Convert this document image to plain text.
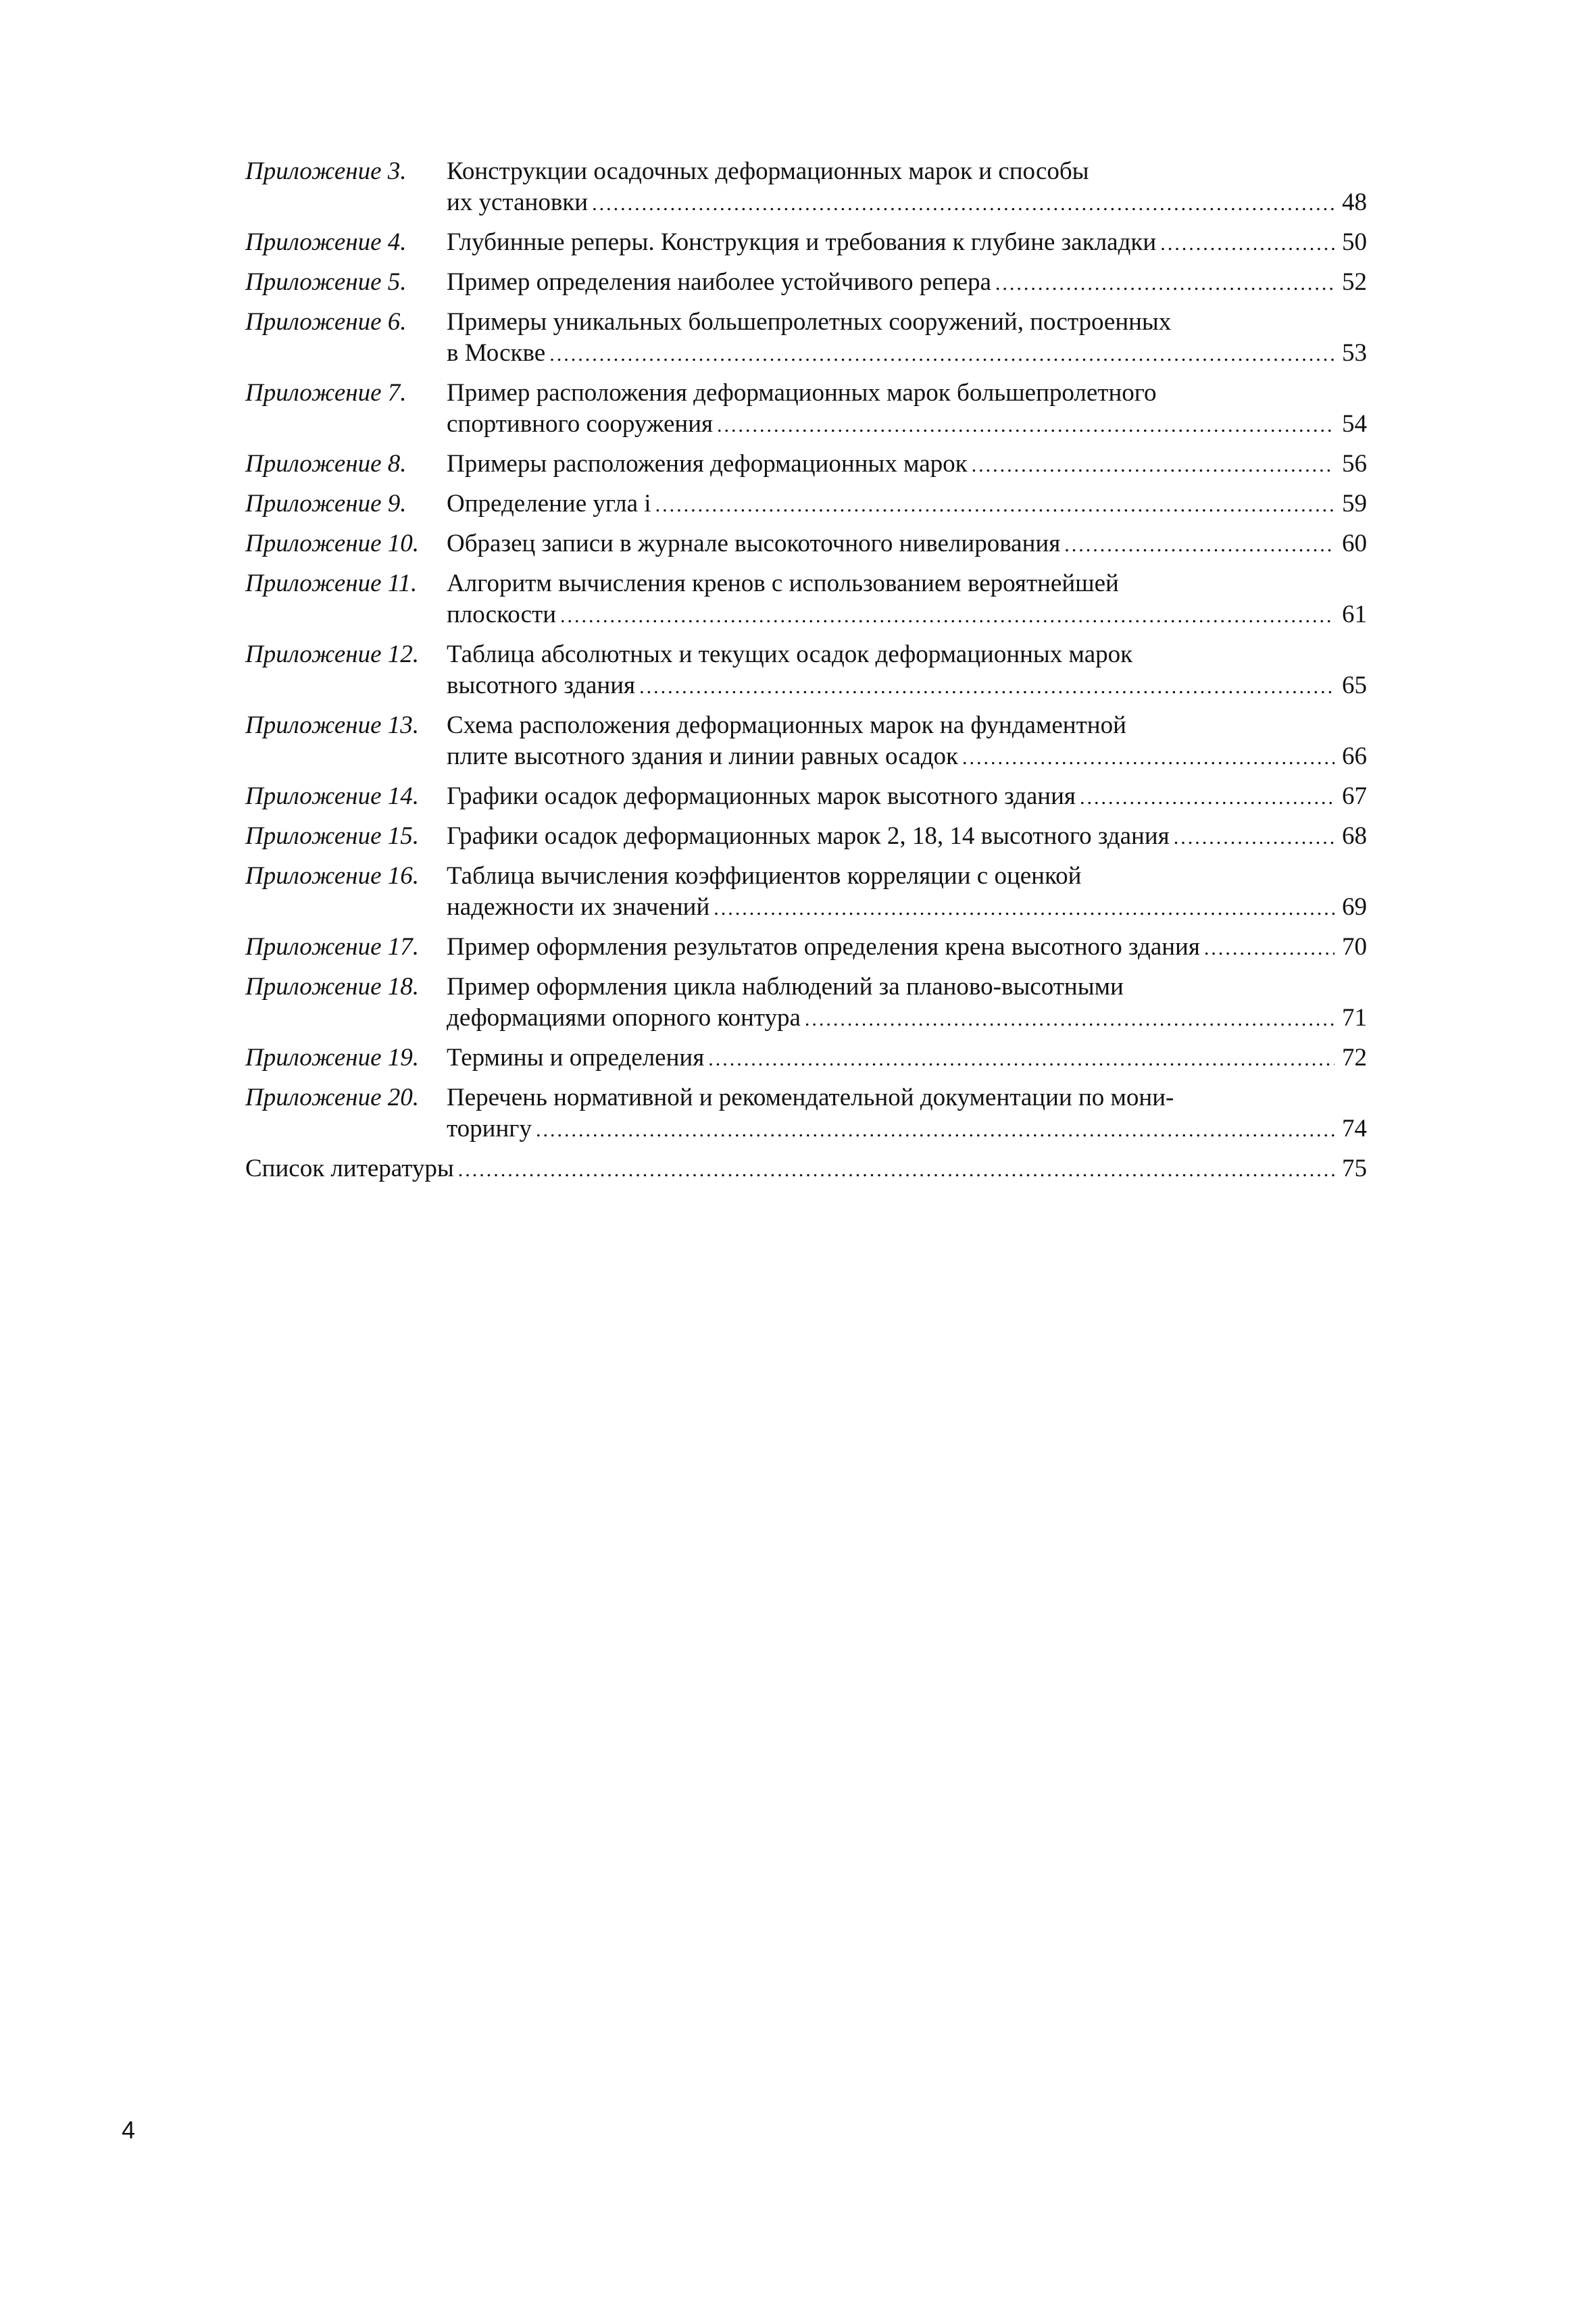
Приложение 3.	Конструкции осадочных деформационных марок и способы
их установки .....	48
Приложение 4.	Глубинные реперы. Конструкция и требования к глубине закладки .....	50
Приложение 5.	Пример определения наиболее устойчивого репера .....	52
Приложение 6.	Примеры уникальных большепролетных сооружений, построенных
в Москве .....	53
Приложение 7.	Пример расположения деформационных марок большепролетного
спортивного сооружения .....	54
Приложение 8.	Примеры расположения деформационных марок .....	56
Приложение 9.	Определение угла i .....	59
Приложение 10.	Образец записи в журнале высокоточного нивелирования .....	60
Приложение 11.	Алгоритм вычисления кренов с использованием вероятнейшей
плоскости .....	61
Приложение 12.	Таблица абсолютных и текущих осадок деформационных марок
высотного здания .....	65
Приложение 13.	Схема расположения деформационных марок на фундаментной
плите высотного здания и линии равных осадок .....	66
Приложение 14.	Графики осадок деформационных марок высотного здания .....	67
Приложение 15.	Графики осадок деформационных марок 2, 18, 14 высотного здания .....	68
Приложение 16.	Таблица вычисления коэффициентов корреляции с оценкой
надежности их значений .....	69
Приложение 17.	Пример оформления результатов определения крена высотного здания .....	70
Приложение 18.	Пример оформления цикла наблюдений за планово-высотными
деформациями опорного контура .....	71
Приложение 19.	Термины и определения .....	72
Приложение 20.	Перечень нормативной и рекомендательной документации по мони-
торингу .....	74
Список литературы .....	75
4
